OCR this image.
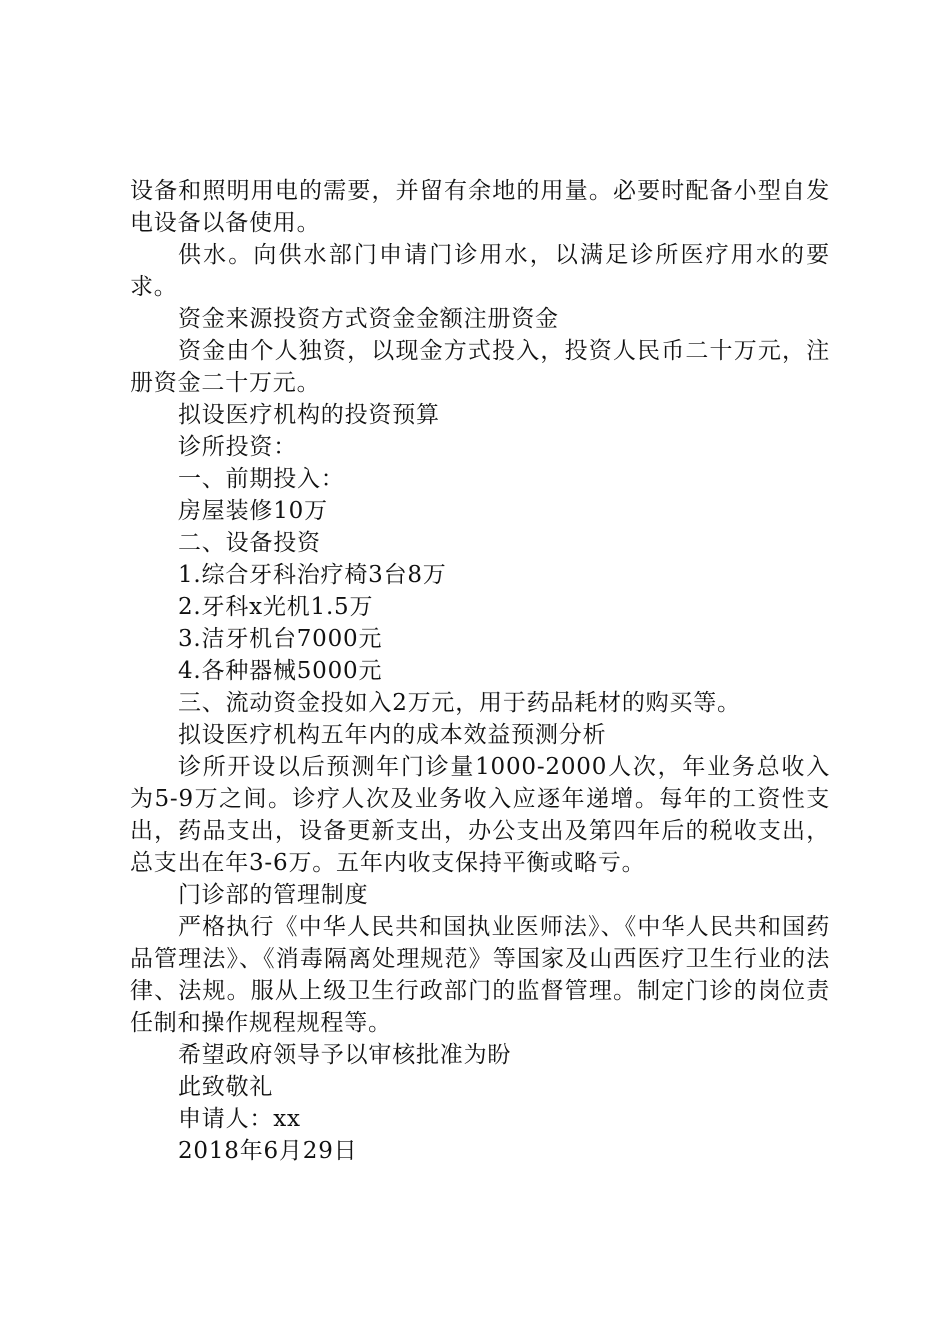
设备和照明用电的需要，并留有余地的用量。必要时配备小型自发电设备以备使用。

供水。向供水部门申请门诊用水，以满足诊所医疗用水的要求。

资金来源投资方式资金金额注册资金

资金由个人独资，以现金方式投入，投资人民币二十万元，注册资金二十万元。

拟设医疗机构的投资预算

诊所投资：

一、前期投入：

房屋装修10万

二、设备投资

1.综合牙科治疗椅3台8万

2.牙科x光机1.5万

3.洁牙机台7000元

4.各种器械5000元

三、流动资金投如入2万元，用于药品耗材的购买等。

拟设医疗机构五年内的成本效益预测分析

诊所开设以后预测年门诊量1000-2000人次，年业务总收入为5-9万之间。诊疗人次及业务收入应逐年递增。每年的工资性支出，药品支出，设备更新支出，办公支出及第四年后的税收支出，总支出在年3-6万。五年内收支保持平衡或略亏。

门诊部的管理制度

严格执行《中华人民共和国执业医师法》、《中华人民共和国药品管理法》、《消毒隔离处理规范》等国家及山西医疗卫生行业的法律、法规。服从上级卫生行政部门的监督管理。制定门诊的岗位责任制和操作规程规程等。

希望政府领导予以审核批准为盼

此致敬礼

申请人：xx

2018年6月29日
